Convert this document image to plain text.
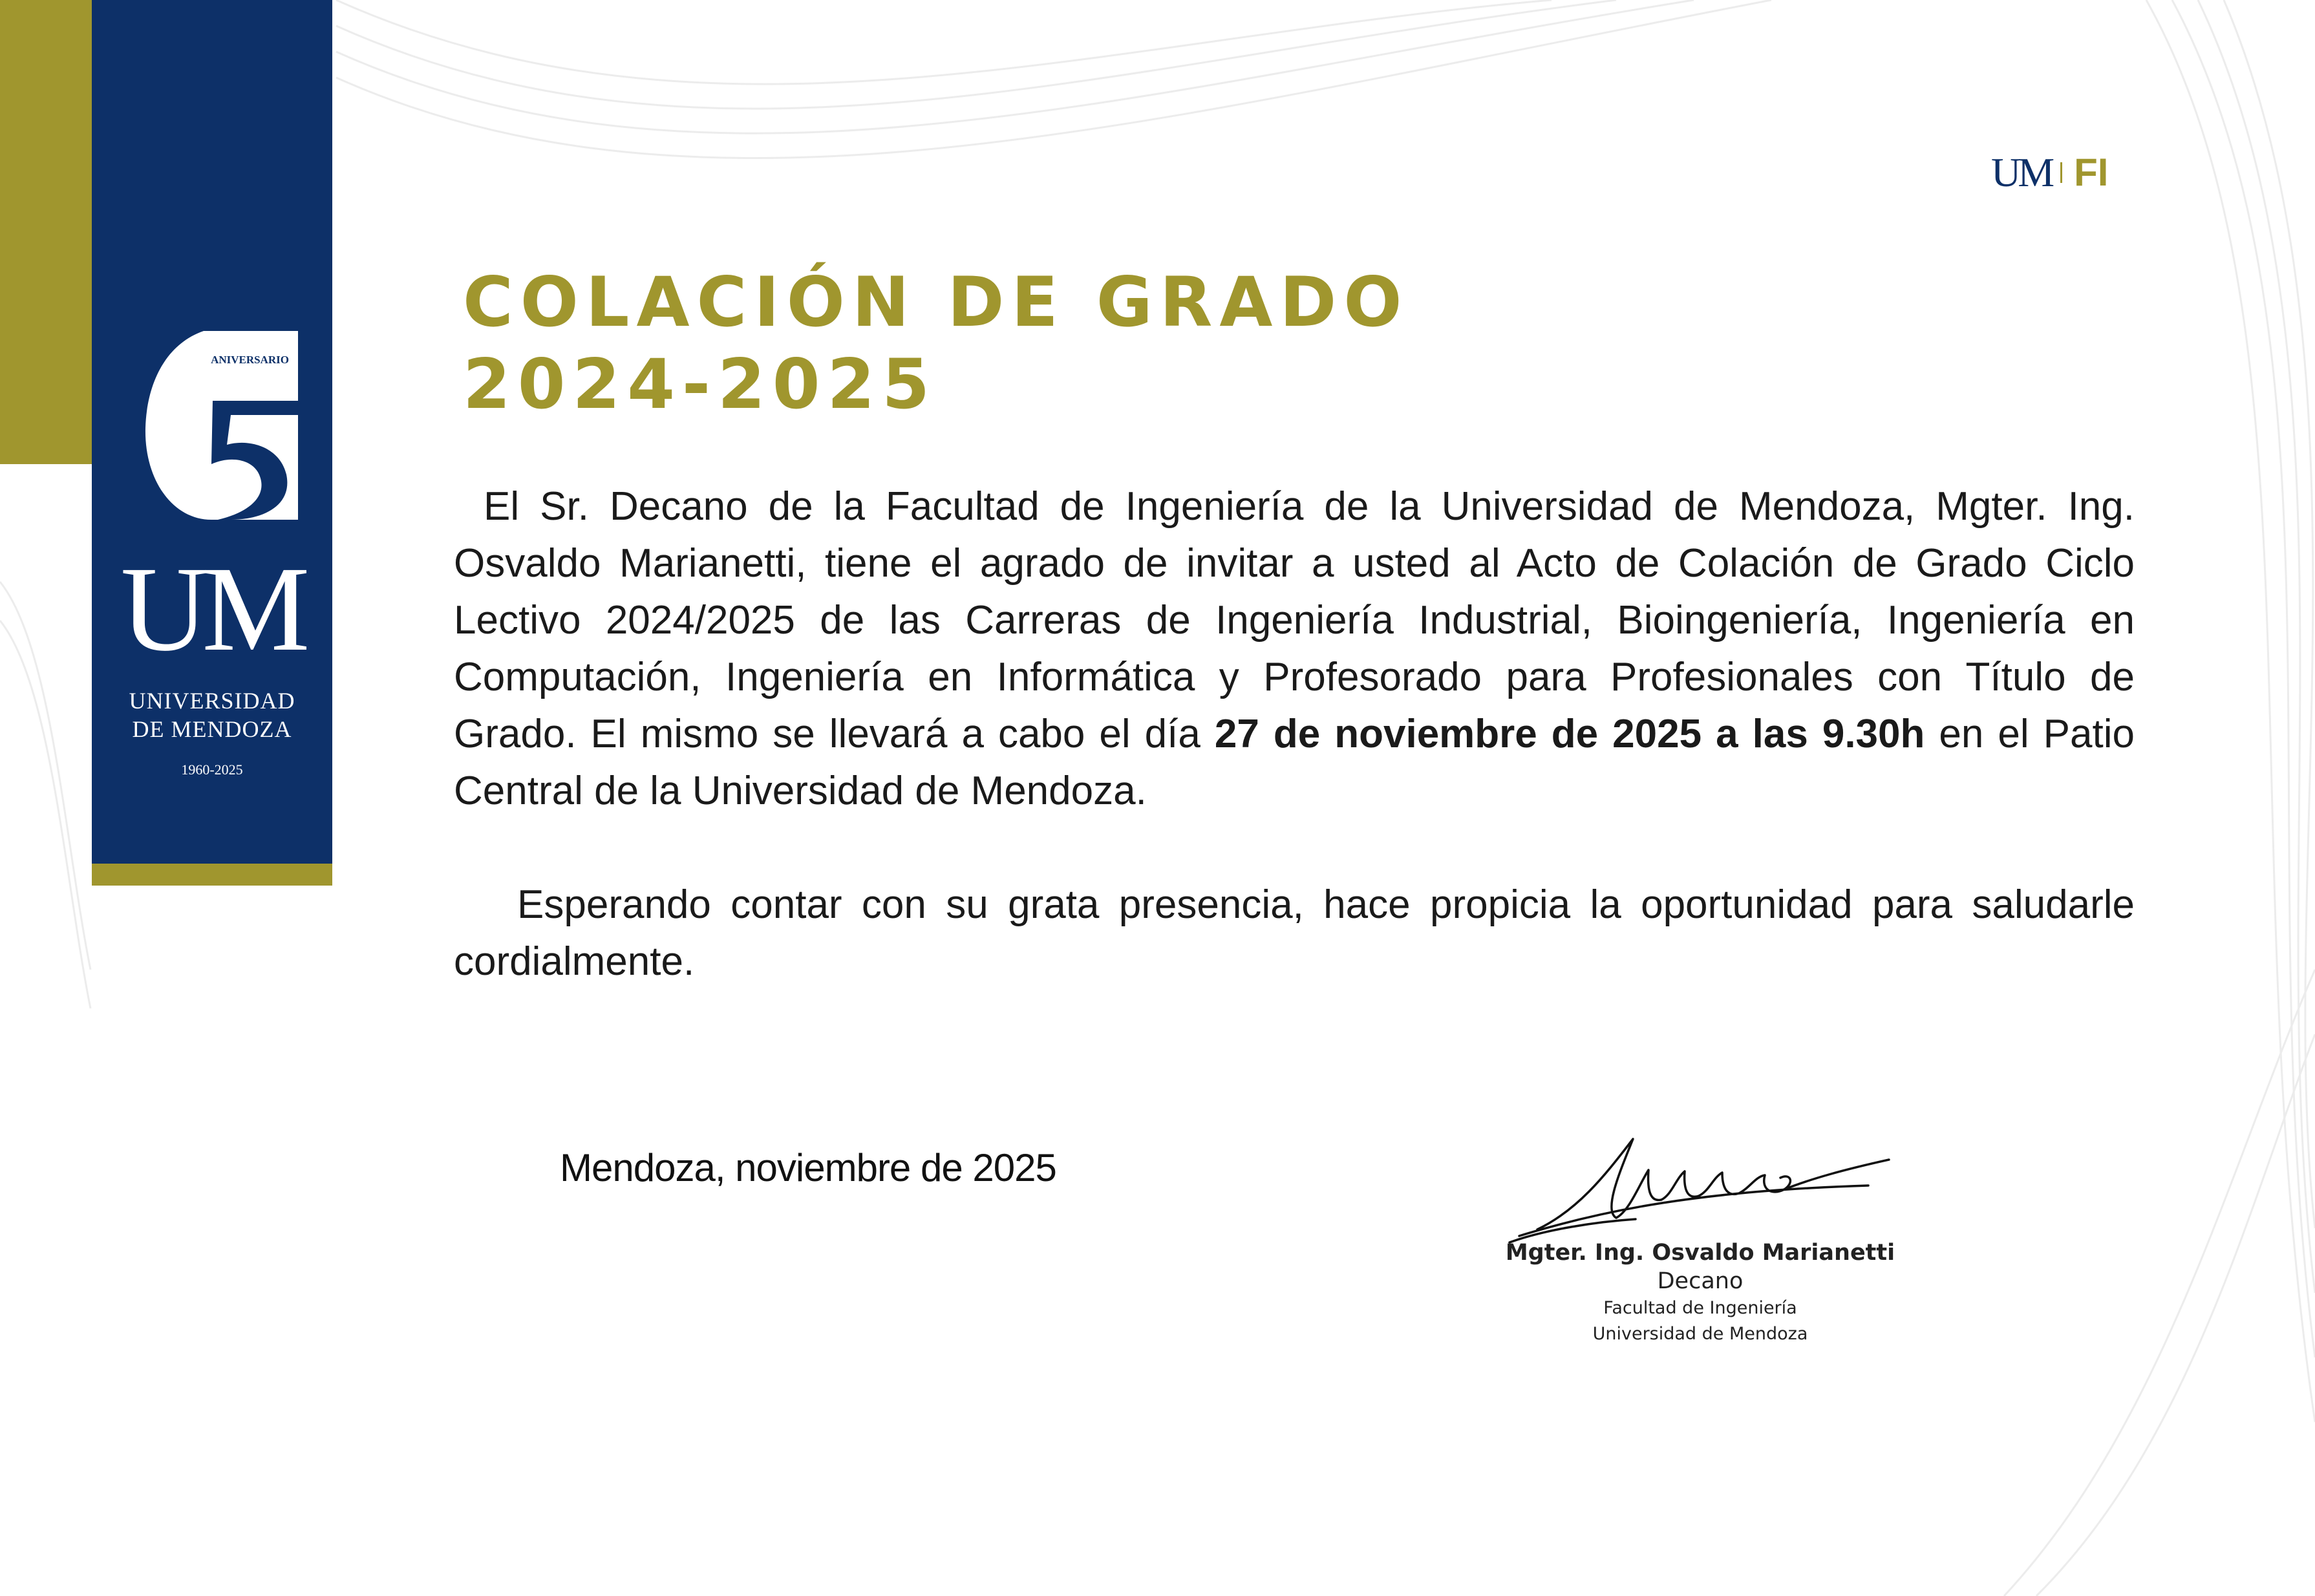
ANIVERSARIO
UM
UNIVERSIDAD
DE MENDOZA
1960-2025
UM FI
COLACIÓN DE GRADO
2024-2025

El Sr. Decano de la Facultad de Ingeniería de la Universidad de Mendoza, Mgter. Ing. Osvaldo Marianetti, tiene el agrado de invitar a usted al Acto de Colación de Grado Ciclo Lectivo 2024/2025 de las Carreras de Ingeniería Industrial, Bioingeniería, Ingeniería en Computación, Ingeniería en Informática y Profesorado para Profesionales con Título de Grado. El mismo se llevará a cabo el día 27 de noviembre de 2025 a las 9.30h en el Patio Central de la Universidad de Mendoza.

Esperando contar con su grata presencia, hace propicia la oportunidad para saludarle cordialmente.

Mendoza, noviembre de 2025
Mgter. Ing. Osvaldo Marianetti
Decano
Facultad de Ingeniería
Universidad de Mendoza
